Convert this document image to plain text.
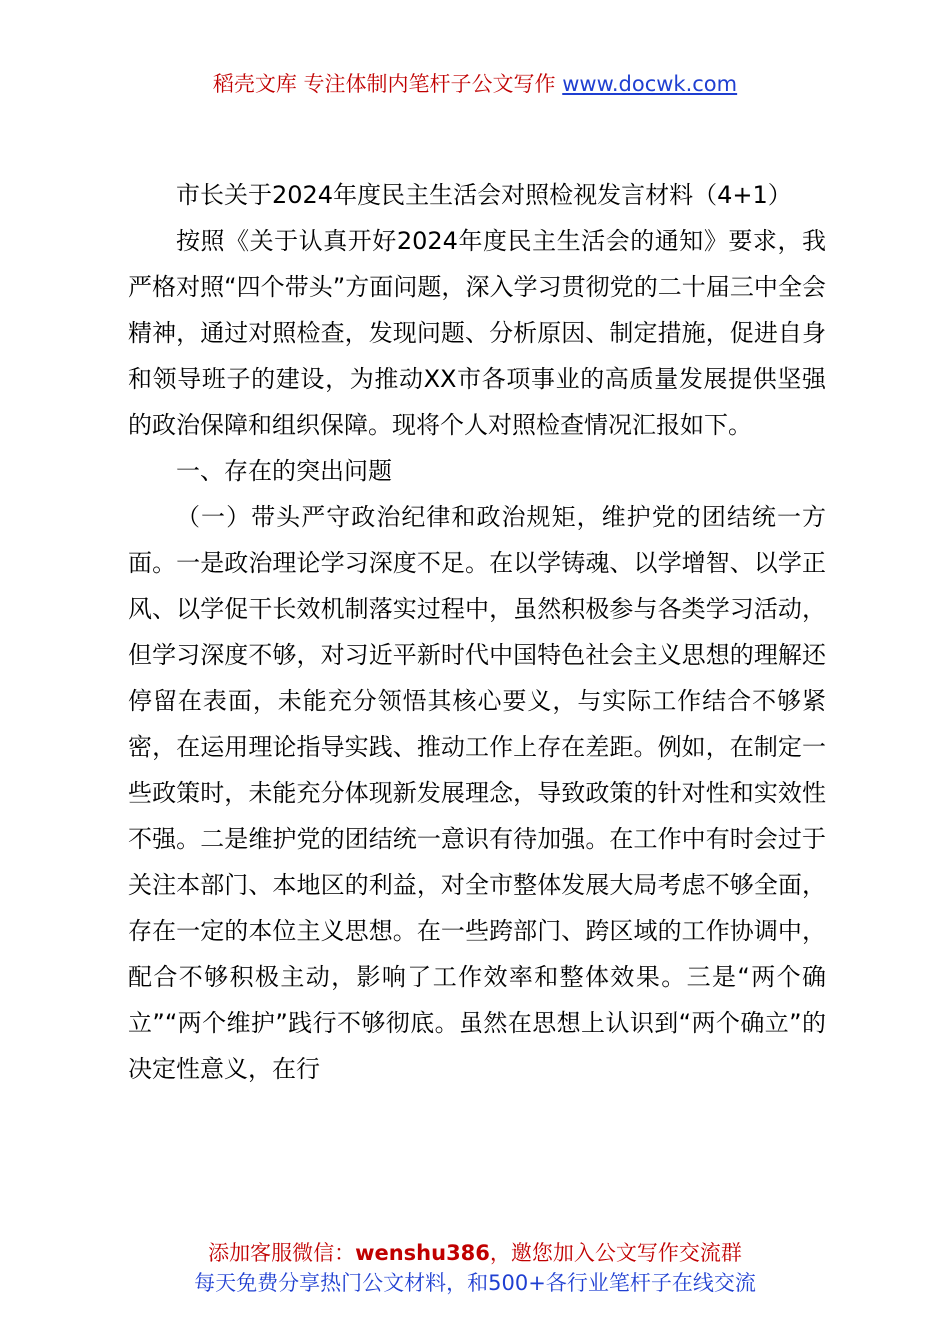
稻壳文库 专注体制内笔杆子公文写作 www.docwk.com

市长关于2024年度民主生活会对照检视发言材料（4+1）

按照《关于认真开好2024年度民主生活会的通知》要求，我严格对照“四个带头”方面问题，深入学习贯彻党的二十届三中全会精神，通过对照检查，发现问题、分析原因、制定措施，促进自身和领导班子的建设，为推动XX市各项事业的高质量发展提供坚强的政治保障和组织保障。现将个人对照检查情况汇报如下。

一、存在的突出问题

（一）带头严守政治纪律和政治规矩，维护党的团结统一方面。一是政治理论学习深度不足。在以学铸魂、以学增智、以学正风、以学促干长效机制落实过程中，虽然积极参与各类学习活动，但学习深度不够，对习近平新时代中国特色社会主义思想的理解还停留在表面，未能充分领悟其核心要义，与实际工作结合不够紧密，在运用理论指导实践、推动工作上存在差距。例如，在制定一些政策时，未能充分体现新发展理念，导致政策的针对性和实效性不强。二是维护党的团结统一意识有待加强。在工作中有时会过于关注本部门、本地区的利益，对全市整体发展大局考虑不够全面，存在一定的本位主义思想。在一些跨部门、跨区域的工作协调中，配合不够积极主动，影响了工作效率和整体效果。三是“两个确立”“两个维护”践行不够彻底。虽然在思想上认识到“两个确立”的决定性意义，在行

添加客服微信：wenshu386，邀您加入公文写作交流群
每天免费分享热门公文材料，和500+各行业笔杆子在线交流
